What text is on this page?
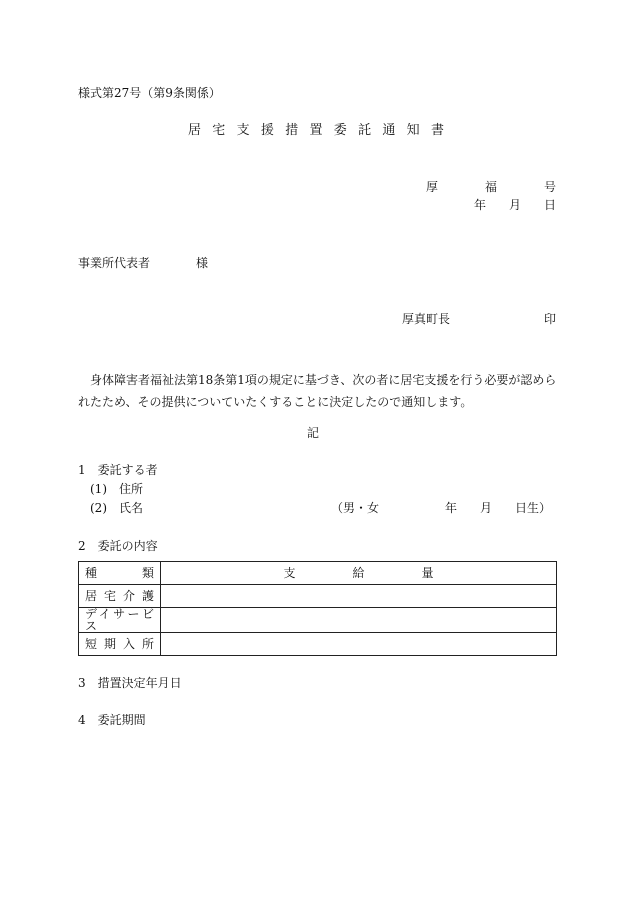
様式第27号（第9条関係）
居宅支援措置委託通知書
厚	福	号
年 月 日
事業所代表者	様
厚真町長	印
身体障害者福祉法第18条第1項の規定に基づき、次の者に居宅支援を行う必要が認められたため、その提供についていたくすることに決定したので通知します。
記
1　委託する者
(1)　住所
(2)　氏名	（男・女	年 月 日生）
2　委託の内容
種類	支給量

居宅介護	

デイサービス	

短期入所	

3　措置決定年月日
4　委託期間
